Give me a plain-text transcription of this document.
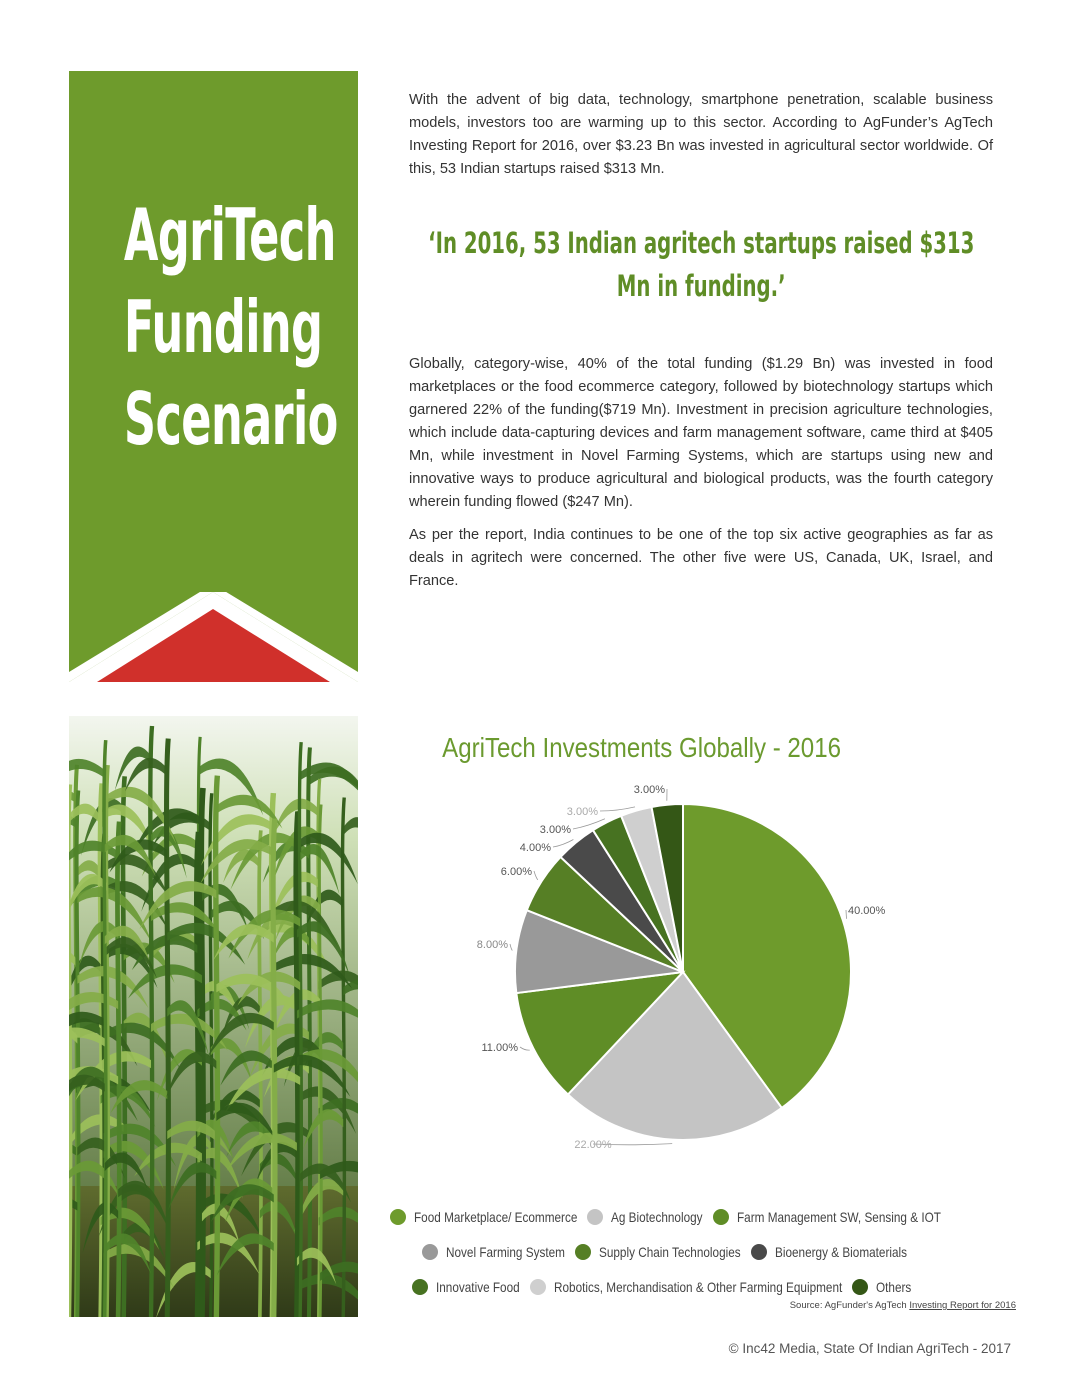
AgriTech
Funding
Scenario

With the advent of big data, technology, smartphone penetration, scalable business models, investors too are warming up to this sector. According to AgFunder’s AgTech Investing Report for 2016, over $3.23 Bn was invested in agricultural sector worldwide. Of this, 53 Indian startups raised $313 Mn.

‘In 2016, 53 Indian agritech startups raised $313 Mn in funding.’

Globally, category-wise, 40% of the total funding ($1.29 Bn) was invested in food marketplaces or the food ecommerce category, followed by biotechnology startups which garnered 22% of the funding($719 Mn). Investment in precision agriculture technologies, which include data-capturing devices and farm management software, came third at $405 Mn, while investment in Novel Farming Systems, which are startups using new and innovative ways to produce agricultural and biological products, was the fourth category wherein funding flowed ($247 Mn).

As per the report, India continues to be one of the top six active geographies as far as deals in agritech were concerned. The other five were US, Canada, UK, Israel, and France.

AgriTech Investments Globally - 2016
40.00%
22.00%
11.00%
8.00%
6.00%
4.00%
3.00%
3.00%
3.00%
Food Marketplace/ Ecommerce Ag Biotechnology Farm Management SW, Sensing & IOT
Novel Farming System Supply Chain Technologies Bioenergy & Biomaterials
Innovative Food Robotics, Merchandisation & Other Farming Equipment Others
Source: AgFunder's AgTech Investing Report for 2016
© Inc42 Media, State Of Indian AgriTech - 2017
